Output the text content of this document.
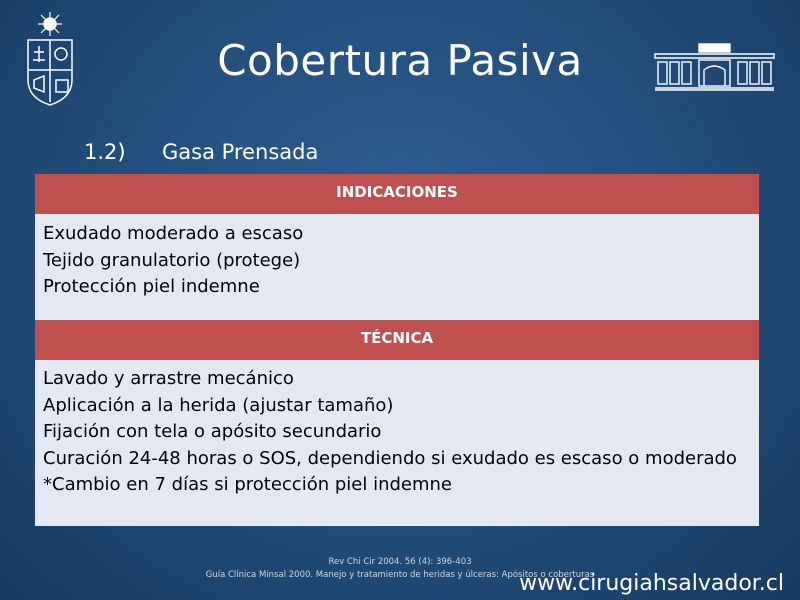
Cobertura Pasiva
1.2) Gasa Prensada
INDICACIONES
Exudado moderado a escaso
Tejido granulatorio (protege)
Protección piel indemne
TÉCNICA
Lavado y arrastre mecánico
Aplicación a la herida (ajustar tamaño)
Fijación con tela o apósito secundario
Curación 24-48 horas o SOS, dependiendo si exudado es escaso o moderado
*Cambio en 7 días si protección piel indemne
Rev Chi Cir 2004. 56 (4): 396-403
Guía Clínica Minsal 2000. Manejo y tratamiento de heridas y úlceras: Apósitos o coberturas
www.cirugiahsalvador.cl
